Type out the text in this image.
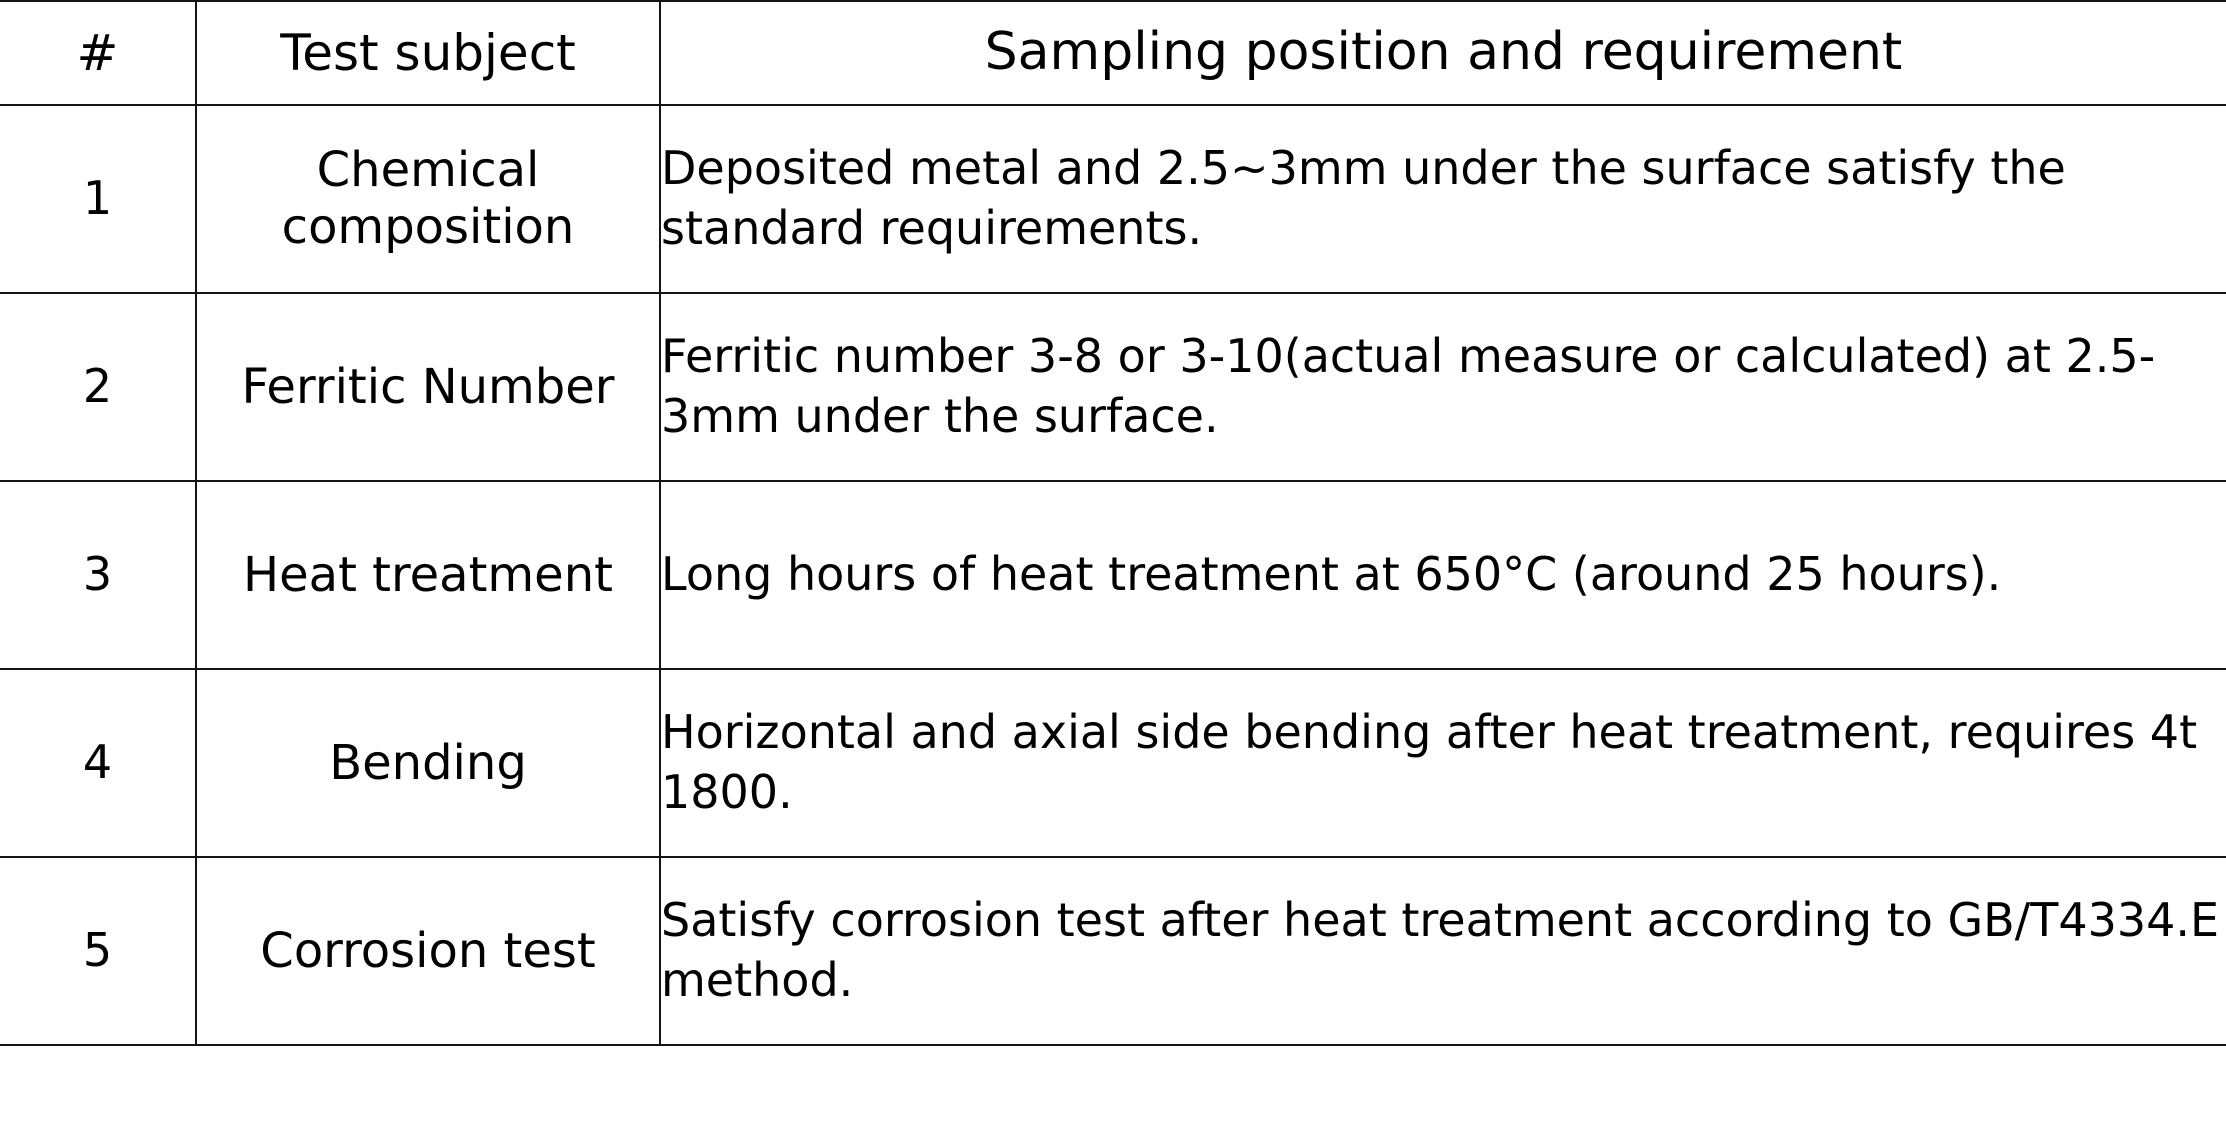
#	Test subject	Sampling position and requirement
1	Chemical composition	Deposited metal and 2.5~3mm under the surface satisfy the standard requirements.
2	Ferritic Number	Ferritic number 3-8 or 3-10(actual measure or calculated) at 2.5-3mm under the surface.
3	Heat treatment	Long hours of heat treatment at 650°C (around 25 hours).
4	Bending	Horizontal and axial side bending after heat treatment, requires 4t 1800.
5	Corrosion test	Satisfy corrosion test after heat treatment according to GB/T4334.E method.
